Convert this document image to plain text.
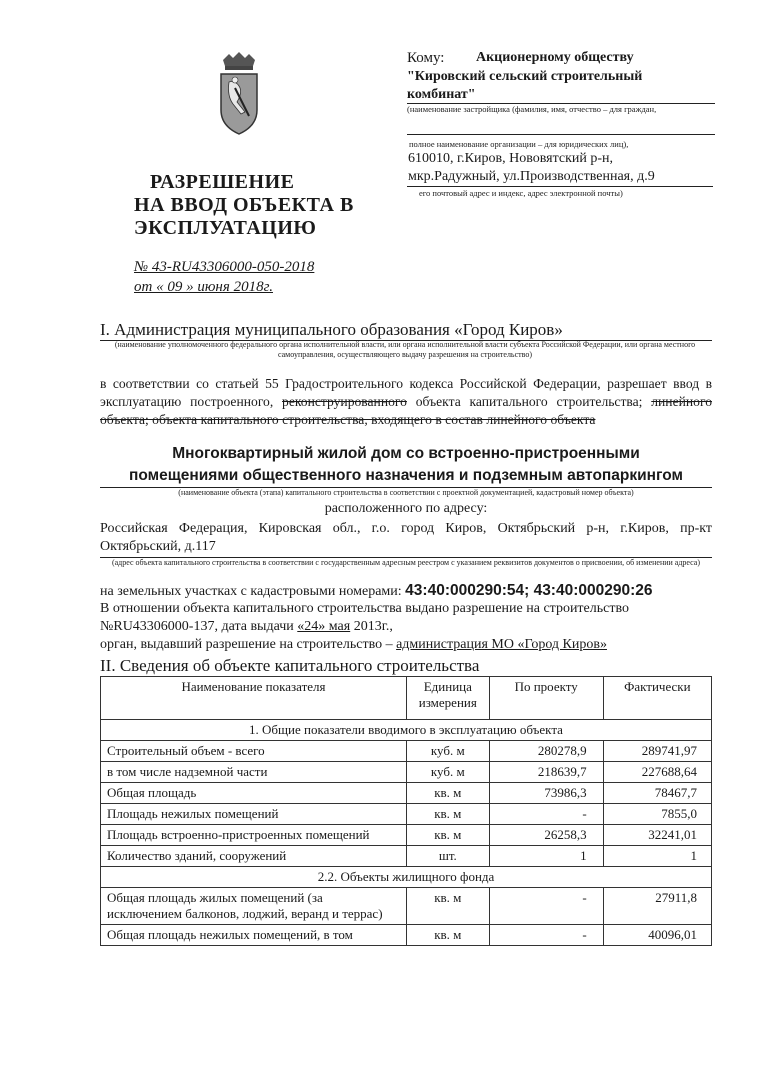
Кому: Акционерному обществу
"Кировский сельский строительный
комбинат"
(наименование застройщика (фамилия, имя, отчество – для граждан,
полное наименование организации – для юридических лиц),
610010, г.Киров, Нововятский р-н,
мкр.Радужный, ул.Производственная, д.9
его почтовый адрес и индекс, адрес электронной почты)
РАЗРЕШЕНИЕ
НА ВВОД ОБЪЕКТА В
ЭКСПЛУАТАЦИЮ
№ 43-RU43306000-050-2018
от « 09 » июня 2018г.
I. Администрация муниципального образования «Город Киров»
(наименование уполномоченного федерального органа исполнительной власти, или органа исполнительной власти субъекта Российской Федерации, или органа местного самоуправления, осуществляющего выдачу разрешения на строительство)
в соответствии со статьей 55 Градостроительного кодекса Российской Федерации, разрешает ввод в эксплуатацию построенного, реконструированного объекта капитального строительства; линейного объекта; объекта капитального строительства, входящего в состав линейного объекта
Многоквартирный жилой дом со встроенно-пристроенными
помещениями общественного назначения и подземным автопаркингом
(наименование объекта (этапа) капитального строительства в соответствии с проектной документацией, кадастровый номер объекта)
расположенного по адресу:
Российская Федерация, Кировская обл., г.о. город Киров, Октябрьский р-н, г.Киров, пр-кт Октябрьский, д.117
(адрес объекта капитального строительства в соответствии с государственным адресным реестром с указанием реквизитов документов о присвоении, об изменении адреса)
на земельных участках с кадастровыми номерами: 43:40:000290:54; 43:40:000290:26
В отношении объекта капитального строительства выдано разрешение на строительство
№RU43306000-137, дата выдачи «24» мая 2013г.,
орган, выдавший разрешение на строительство – администрация МО «Город Киров»
II. Сведения об объекте капитального строительства
Наименование показателя	Единица измерения	По проекту	Фактически
1. Общие показатели вводимого в эксплуатацию объекта			
Строительный объем - всего	куб. м	280278,9	289741,97
в том числе надземной части	куб. м	218639,7	227688,64
Общая площадь	кв. м	73986,3	78467,7
Площадь нежилых помещений	кв. м	-	7855,0
Площадь встроенно-пристроенных помещений	кв. м	26258,3	32241,01
Количество зданий, сооружений	шт.	1	1
2.2. Объекты жилищного фонда			
Общая площадь жилых помещений (за исключением балконов, лоджий, веранд и террас)	кв. м	-	27911,8
Общая площадь нежилых помещений, в том	кв. м	-	40096,01
